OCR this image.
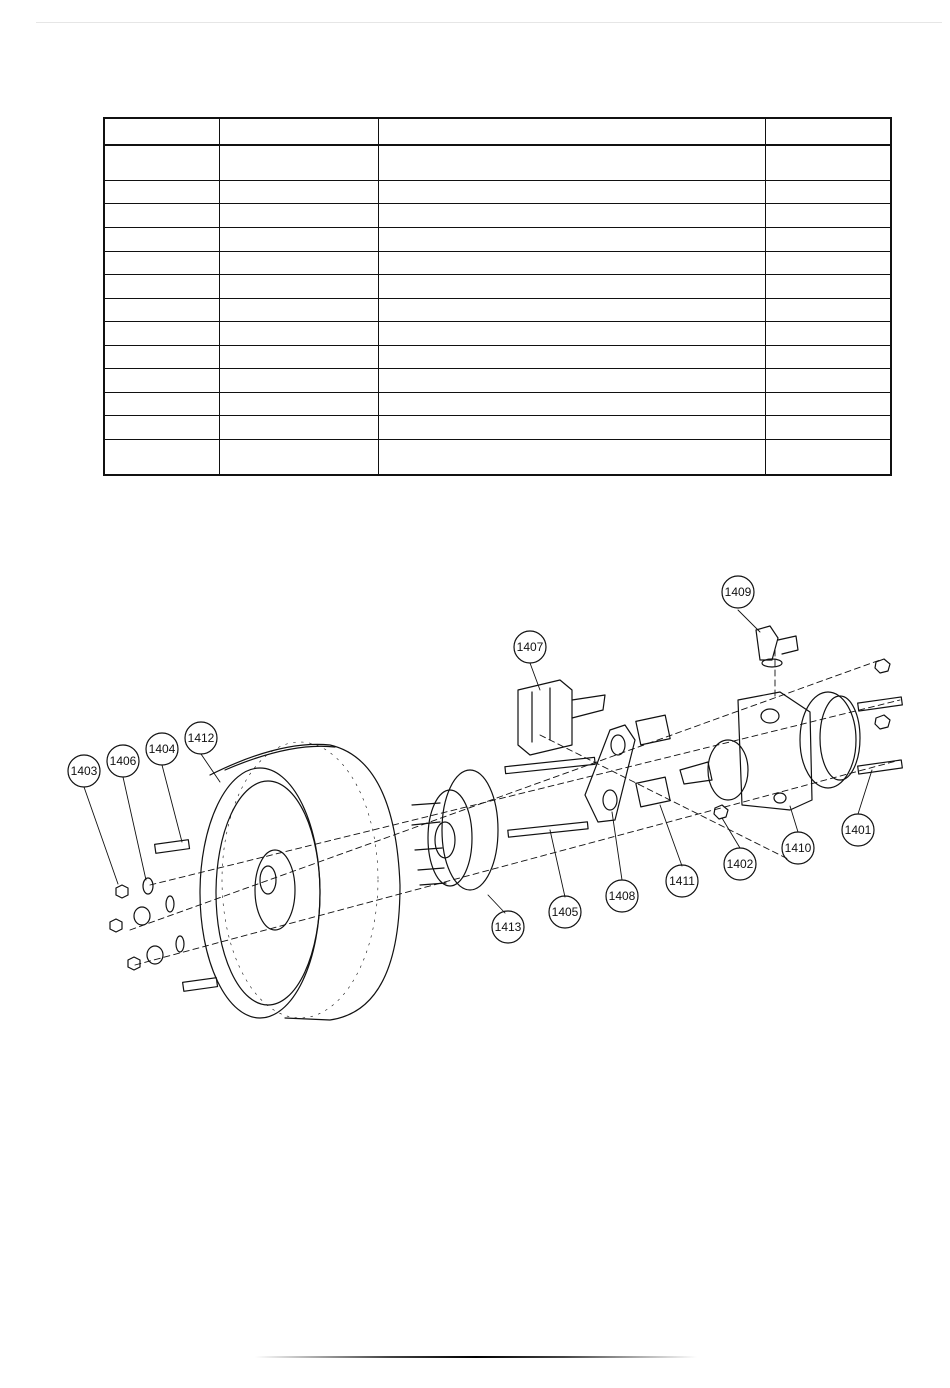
1403
1406
1404
1412
1407
1409
1413
1405
1408
1411
1402
1410
1401
